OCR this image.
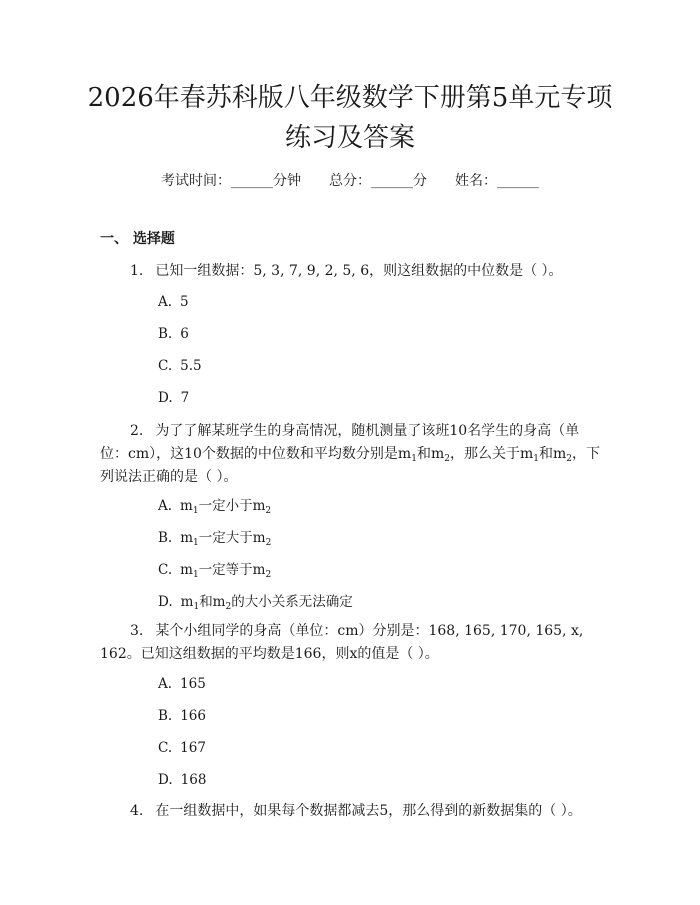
2026年春苏科版八年级数学下册第5单元专项练习及答案
考试时间：______分钟 总分：______分 姓名：______
一、 选择题

1. 已知一组数据：5, 3, 7, 9, 2, 5, 6，则这组数据的中位数是（ ）。

A. 5
B. 6
C. 5.5
D. 7

2. 为了了解某班学生的身高情况，随机测量了该班10名学生的身高（单位：cm），这10个数据的中位数和平均数分别是$m_1$和$m_2$，那么关于$m_1$和$m_2$，下列说法正确的是（ ）。

A. $m_1$一定小于$m_2$
B. $m_1$一定大于$m_2$
C. $m_1$一定等于$m_2$
D. $m_1$和$m_2$的大小关系无法确定

3. 某个小组同学的身高（单位：cm）分别是：168, 165, 170, 165, x, 162。已知这组数据的平均数是166，则x的值是（ ）。

A. 165
B. 166
C. 167
D. 168

4. 在一组数据中，如果每个数据都减去5，那么得到的新数据集的（ ）。
